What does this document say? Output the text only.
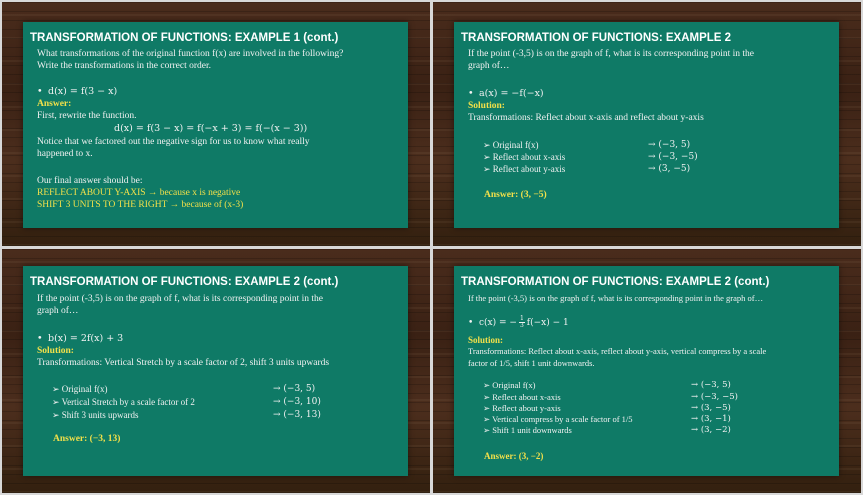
TRANSFORMATION OF FUNCTIONS: EXAMPLE 1 (cont.)
What transformations of the original function f(x) are involved in the following?
Write the transformations in the correct order.
• d(x) = f(3 − x)
Answer:
First, rewrite the function.
d(x) = f(3 − x) = f(−x + 3) = f(−(x − 3))
Notice that we factored out the negative sign for us to know what really
happened to x.
Our final answer should be:
REFLECT ABOUT Y-AXIS → because x is negative
SHIFT 3 UNITS TO THE RIGHT → because of (x-3)
TRANSFORMATION OF FUNCTIONS: EXAMPLE 2
If the point (-3,5) is on the graph of f, what is its corresponding point in the
graph of…
• a(x) = −f(−x)
Solution:
Transformations: Reflect about x-axis and reflect about y-axis
➢ Original f(x)	→ (−3, 5)
➢ Reflect about x-axis	→ (−3, −5)
➢ Reflect about y-axis	→ (3, −5)
Answer: (3, −5)
TRANSFORMATION OF FUNCTIONS: EXAMPLE 2 (cont.)
If the point (-3,5) is on the graph of f, what is its corresponding point in the
graph of…
• b(x) = 2f(x) + 3
Solution:
Transformations: Vertical Stretch by a scale factor of 2, shift 3 units upwards
➢ Original f(x)	→ (−3, 5)
➢ Vertical Stretch by a scale factor of 2	→ (−3, 10)
➢ Shift 3 units upwards	→ (−3, 13)
Answer: (−3, 13)
TRANSFORMATION OF FUNCTIONS: EXAMPLE 2 (cont.)
If the point (-3,5) is on the graph of f, what is its corresponding point in the graph of…
• c(x) = − $\frac{1}{3} f(-x) - 1$
Solution:
Transformations: Reflect about x-axis, reflect about y-axis, vertical compress by a scale
factor of 1/5, shift 1 unit downwards.
➢ Original f(x)	→ (−3, 5)
➢ Reflect about x-axis	→ (−3, −5)
➢ Reflect about y-axis	→ (3, −5)
➢ Vertical compress by a scale factor of 1/5	→ (3, −1)
➢ Shift 1 unit downwards	→ (3, −2)
Answer: (3, −2)
